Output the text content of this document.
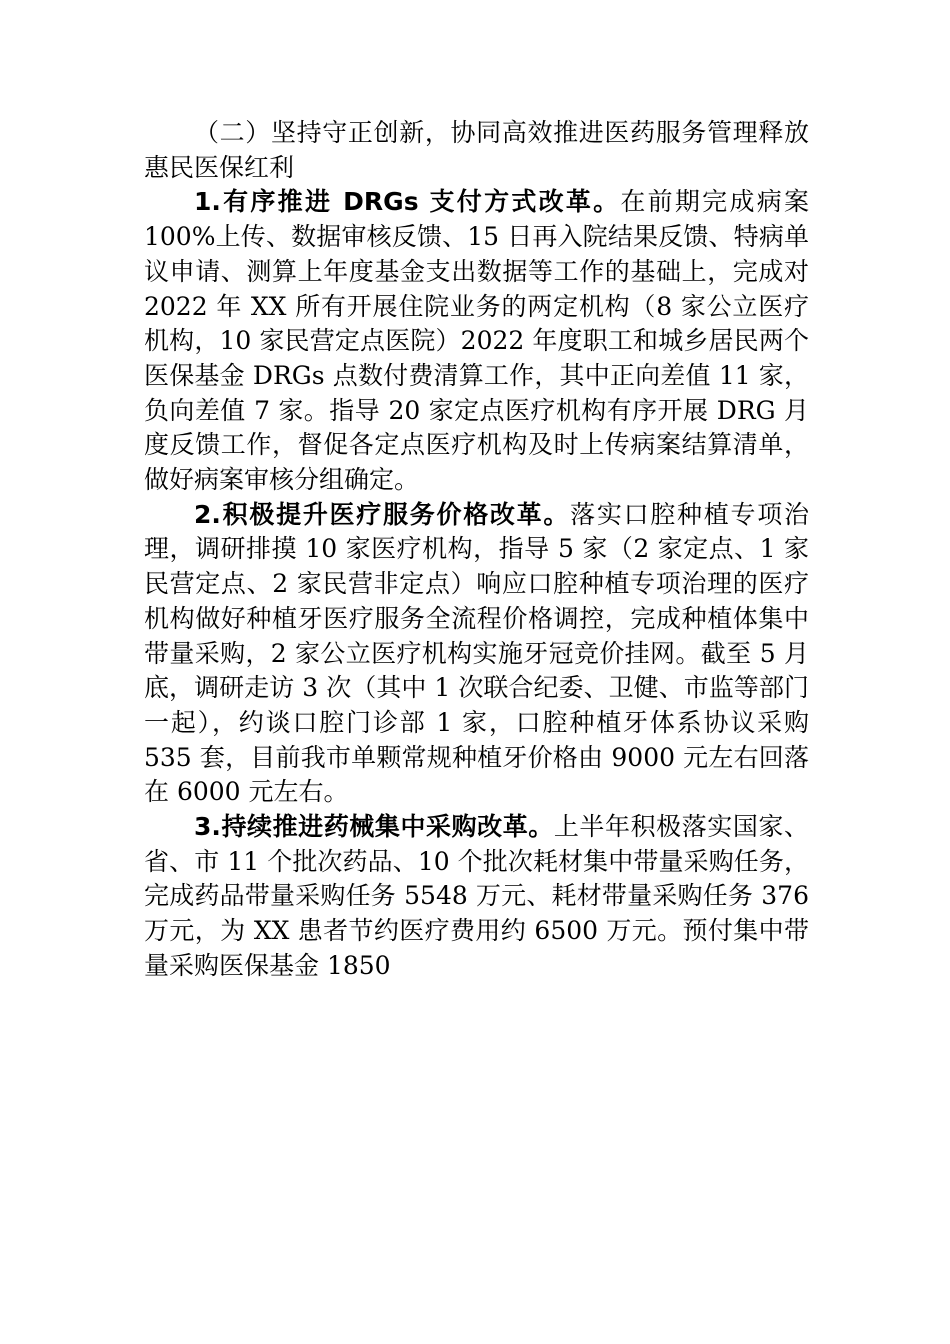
（二）坚持守正创新，协同高效推进医药服务管理释放惠民医保红利

1.有序推进 DRGs 支付方式改革。在前期完成病案100%上传、数据审核反馈、15 日再入院结果反馈、特病单议申请、测算上年度基金支出数据等工作的基础上，完成对 2022 年 XX 所有开展住院业务的两定机构（8 家公立医疗机构，10 家民营定点医院）2022 年度职工和城乡居民两个医保基金 DRGs 点数付费清算工作，其中正向差值 11 家，负向差值 7 家。指导 20 家定点医疗机构有序开展 DRG 月度反馈工作，督促各定点医疗机构及时上传病案结算清单，做好病案审核分组确定。

2.积极提升医疗服务价格改革。落实口腔种植专项治理，调研排摸 10 家医疗机构，指导 5 家（2 家定点、1 家民营定点、2 家民营非定点）响应口腔种植专项治理的医疗机构做好种植牙医疗服务全流程价格调控，完成种植体集中带量采购，2 家公立医疗机构实施牙冠竞价挂网。截至 5 月底，调研走访 3 次（其中 1 次联合纪委、卫健、市监等部门一起），约谈口腔门诊部 1 家，口腔种植牙体系协议采购535 套，目前我市单颗常规种植牙价格由 9000 元左右回落在 6000 元左右。

3.持续推进药械集中采购改革。上半年积极落实国家、省、市 11 个批次药品、10 个批次耗材集中带量采购任务，完成药品带量采购任务 5548 万元、耗材带量采购任务 376万元，为 XX 患者节约医疗费用约 6500 万元。预付集中带量采购医保基金 1850
